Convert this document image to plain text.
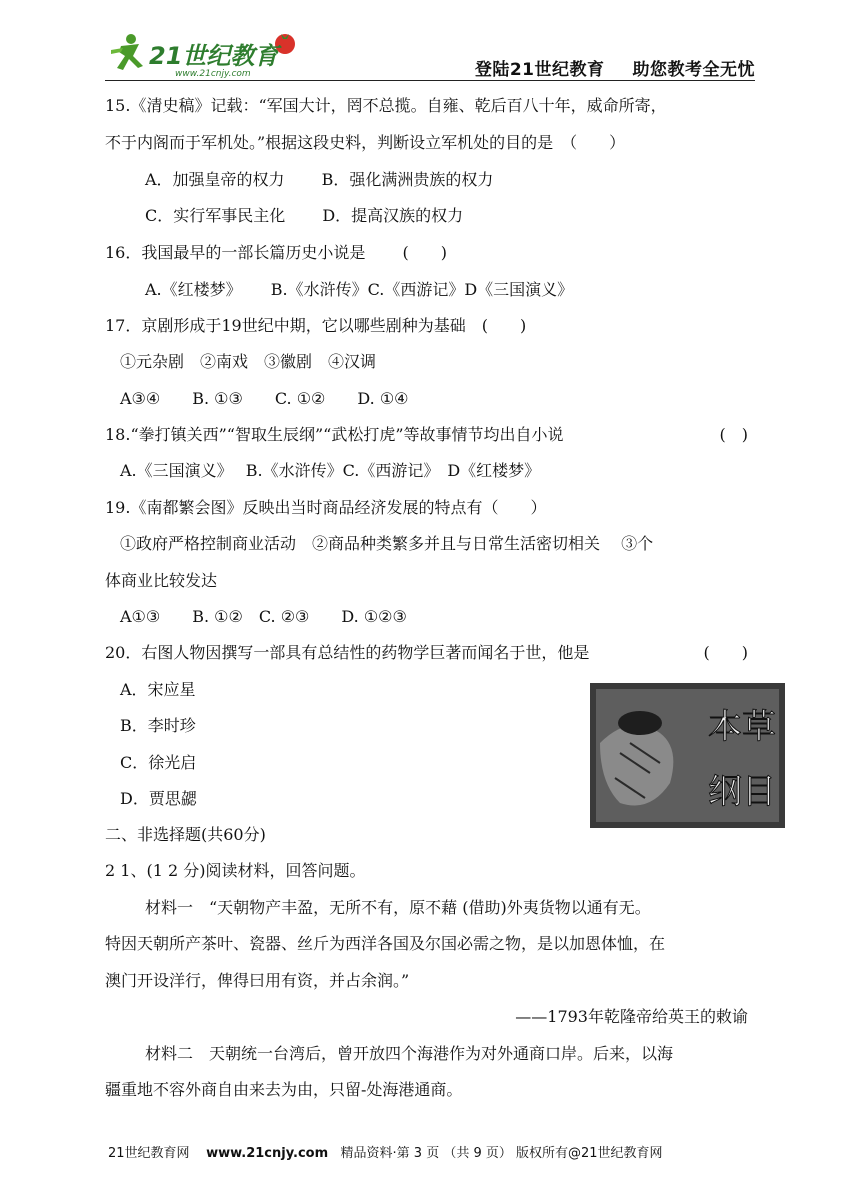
21世纪教育
www.21cnjy.com	登陆21世纪教育 助您教考全无忧
15.《清史稿》记载：“军国大计，罔不总揽。自雍、乾后百八十年，威命所寄，
不于内阁而于军机处。”根据这段史料，判断设立军机处的目的是　（　　）
A．加强皇帝的权力　　 B．强化满洲贵族的权力
C．实行军事民主化　　 D．提高汉族的权力
16．我国最早的一部长篇历史小说是　　 (　　)
A.《红楼梦》　　 B.《水浒传》C.《西游记》D《三国演义》
17．京剧形成于19世纪中期，它以哪些剧种为基础　(　　)
①元杂剧　②南戏　③徽剧　④汉调
A③④　　B. ①③　　C. ①②　　D. ①④
18.“拳打镇关西”“智取生辰纲”“武松打虎”等故事情节均出自小说	(　)
A.《三国演义》　 B.《水浒传》C.《西游记》　D《红楼梦》
19.《南都繁会图》反映出当时商品经济发展的特点有（　　）
①政府严格控制商业活动　②商品种类繁多并且与日常生活密切相关　 ③个
体商业比较发达
A①③　　B. ①②　C. ②③　　D. ①②③
20．右图人物因撰写一部具有总结性的药物学巨著而闻名于世，他是	(　　)
A．宋应星
B．李时珍
C．徐光启
D．贾思勰
本草
纲目
二、非选择题(共60分)
2 1、(1 2 分)阅读材料，回答问题。
材料一　“天朝物产丰盈，无所不有，原不藉 (借助)外夷货物以通有无。
特因天朝所产茶叶、瓷器、丝斤为西洋各国及尔国必需之物，是以加恩体恤，在
澳门开设洋行，俾得曰用有资，并占余润。”
——1793年乾隆帝给英王的敕谕
材料二　天朝统一台湾后，曾开放四个海港作为对外通商口岸。后来，以海
疆重地不容外商自由来去为由，只留-处海港通商。
21世纪教育网 www.21cnjy.com 精品资料·第 3 页 （共 9 页） 版权所有@21世纪教育网
